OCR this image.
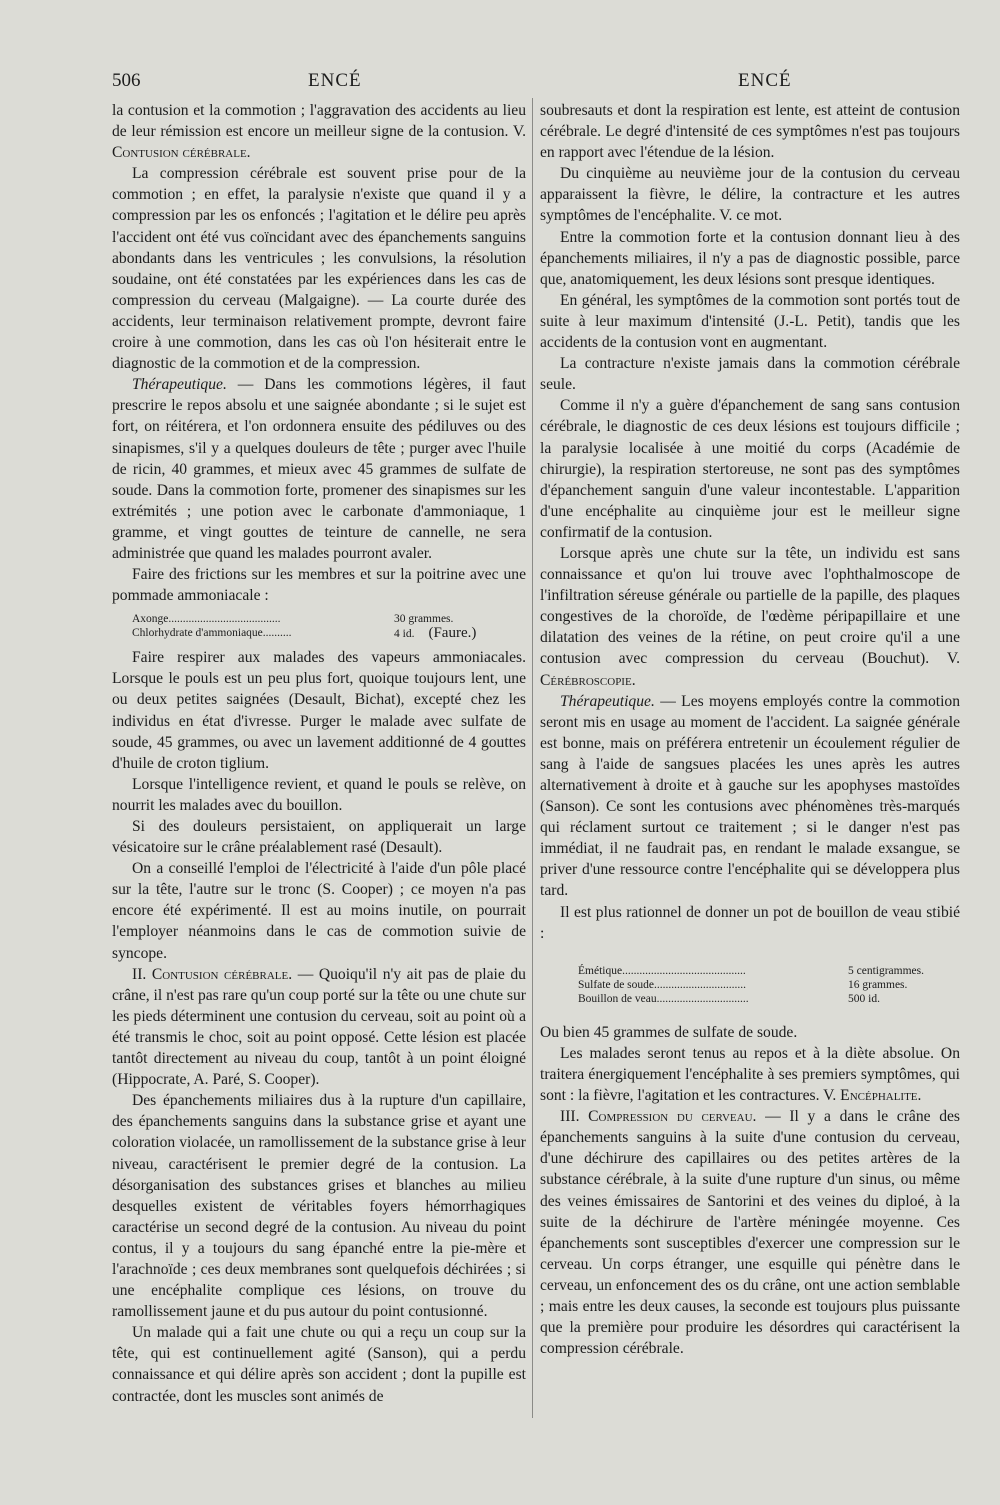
506	ENCÉ	ENCÉ

la contusion et la commotion ; l'aggravation des accidents au lieu de leur rémission est encore un meilleur signe de la contusion. V. Contusion cérébrale.

La compression cérébrale est souvent prise pour de la commotion ; en effet, la paralysie n'existe que quand il y a compression par les os enfoncés ; l'agitation et le délire peu après l'accident ont été vus coïncidant avec des épanchements sanguins abondants dans les ventricules ; les convulsions, la résolution soudaine, ont été constatées par les expériences dans les cas de compression du cerveau (Malgaigne). — La courte durée des accidents, leur terminaison relativement prompte, devront faire croire à une commotion, dans les cas où l'on hésiterait entre le diagnostic de la commotion et de la compression.

Thérapeutique. — Dans les commotions légères, il faut prescrire le repos absolu et une saignée abondante ; si le sujet est fort, on réitérera, et l'on ordonnera ensuite des pédiluves ou des sinapismes, s'il y a quelques douleurs de tête ; purger avec l'huile de ricin, 40 grammes, et mieux avec 45 grammes de sulfate de soude. Dans la commotion forte, promener des sinapismes sur les extrémités ; une potion avec le carbonate d'ammoniaque, 1 gramme, et vingt gouttes de teinture de cannelle, ne sera administrée que quand les malades pourront avaler.

Faire des frictions sur les membres et sur la poitrine avec une pommade ammoniacale :

Axonge.......................................	30 grammes.
Chlorhydrate d'ammoniaque..........	4 id. (Faure.)

Faire respirer aux malades des vapeurs ammoniacales. Lorsque le pouls est un peu plus fort, quoique toujours lent, une ou deux petites saignées (Desault, Bichat), excepté chez les individus en état d'ivresse. Purger le malade avec sulfate de soude, 45 grammes, ou avec un lavement additionné de 4 gouttes d'huile de croton tiglium.

Lorsque l'intelligence revient, et quand le pouls se relève, on nourrit les malades avec du bouillon.

Si des douleurs persistaient, on appliquerait un large vésicatoire sur le crâne préalablement rasé (Desault).

On a conseillé l'emploi de l'électricité à l'aide d'un pôle placé sur la tête, l'autre sur le tronc (S. Cooper) ; ce moyen n'a pas encore été expérimenté. Il est au moins inutile, on pourrait l'employer néanmoins dans le cas de commotion suivie de syncope.

II. Contusion cérébrale. — Quoiqu'il n'y ait pas de plaie du crâne, il n'est pas rare qu'un coup porté sur la tête ou une chute sur les pieds déterminent une contusion du cerveau, soit au point où a été transmis le choc, soit au point opposé. Cette lésion est placée tantôt directement au niveau du coup, tantôt à un point éloigné (Hippocrate, A. Paré, S. Cooper).

Des épanchements miliaires dus à la rupture d'un capillaire, des épanchements sanguins dans la substance grise et ayant une coloration violacée, un ramollissement de la substance grise à leur niveau, caractérisent le premier degré de la contusion. La désorganisation des substances grises et blanches au milieu desquelles existent de véritables foyers hémorrhagiques caractérise un second degré de la contusion. Au niveau du point contus, il y a toujours du sang épanché entre la pie-mère et l'arachnoïde ; ces deux membranes sont quelquefois déchirées ; si une encéphalite complique ces lésions, on trouve du ramollissement jaune et du pus autour du point contusionné.

Un malade qui a fait une chute ou qui a reçu un coup sur la tête, qui est continuellement agité (Sanson), qui a perdu connaissance et qui délire après son accident ; dont la pupille est contractée, dont les muscles sont animés de

soubresauts et dont la respiration est lente, est atteint de contusion cérébrale. Le degré d'intensité de ces symptômes n'est pas toujours en rapport avec l'étendue de la lésion.

Du cinquième au neuvième jour de la contusion du cerveau apparaissent la fièvre, le délire, la contracture et les autres symptômes de l'encéphalite. V. ce mot.

Entre la commotion forte et la contusion donnant lieu à des épanchements miliaires, il n'y a pas de diagnostic possible, parce que, anatomiquement, les deux lésions sont presque identiques.

En général, les symptômes de la commotion sont portés tout de suite à leur maximum d'intensité (J.-L. Petit), tandis que les accidents de la contusion vont en augmentant.

La contracture n'existe jamais dans la commotion cérébrale seule.

Comme il n'y a guère d'épanchement de sang sans contusion cérébrale, le diagnostic de ces deux lésions est toujours difficile ; la paralysie localisée à une moitié du corps (Académie de chirurgie), la respiration stertoreuse, ne sont pas des symptômes d'épanchement sanguin d'une valeur incontestable. L'apparition d'une encéphalite au cinquième jour est le meilleur signe confirmatif de la contusion.

Lorsque après une chute sur la tête, un individu est sans connaissance et qu'on lui trouve avec l'ophthalmoscope de l'infiltration séreuse générale ou partielle de la papille, des plaques congestives de la choroïde, de l'œdème péripapillaire et une dilatation des veines de la rétine, on peut croire qu'il a une contusion avec compression du cerveau (Bouchut). V. Cérébroscopie.

Thérapeutique. — Les moyens employés contre la commotion seront mis en usage au moment de l'accident. La saignée générale est bonne, mais on préférera entretenir un écoulement régulier de sang à l'aide de sangsues placées les unes après les autres alternativement à droite et à gauche sur les apophyses mastoïdes (Sanson). Ce sont les contusions avec phénomènes très-marqués qui réclament surtout ce traitement ; si le danger n'est pas immédiat, il ne faudrait pas, en rendant le malade exsangue, se priver d'une ressource contre l'encéphalite qui se développera plus tard.

Il est plus rationnel de donner un pot de bouillon de veau stibié :

Émétique...........................................	5 centigrammes.
Sulfate de soude................................	16 grammes.
Bouillon de veau................................	500 id.

Ou bien 45 grammes de sulfate de soude.

Les malades seront tenus au repos et à la diète absolue. On traitera énergiquement l'encéphalite à ses premiers symptômes, qui sont : la fièvre, l'agitation et les contractures. V. Encéphalite.

III. Compression du cerveau. — Il y a dans le crâne des épanchements sanguins à la suite d'une contusion du cerveau, d'une déchirure des capillaires ou des petites artères de la substance cérébrale, à la suite d'une rupture d'un sinus, ou même des veines émissaires de Santorini et des veines du diploé, à la suite de la déchirure de l'artère méningée moyenne. Ces épanchements sont susceptibles d'exercer une compression sur le cerveau. Un corps étranger, une esquille qui pénètre dans le cerveau, un enfoncement des os du crâne, ont une action semblable ; mais entre les deux causes, la seconde est toujours plus puissante que la première pour produire les désordres qui caractérisent la compression cérébrale.
